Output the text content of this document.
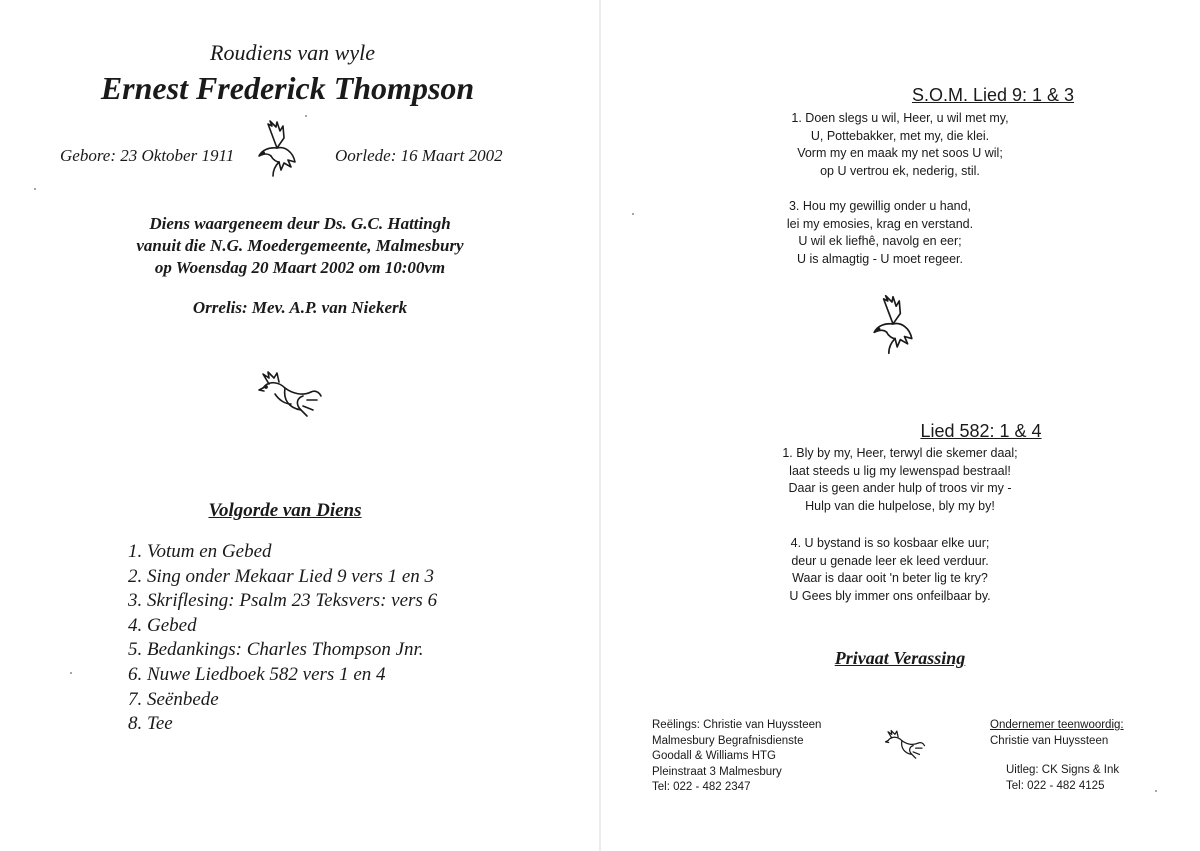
Roudiens van wyle
Ernest Frederick Thompson
Gebore: 23 Oktober 1911	Oorlede: 16 Maart 2002
Diens waargeneem deur Ds. G.C. Hattingh
vanuit die N.G. Moedergemeente, Malmesbury
op Woensdag 20 Maart 2002 om 10:00vm
Orrelis: Mev. A.P. van Niekerk
Volgorde van Diens
1. Votum en Gebed
2. Sing onder Mekaar Lied 9 vers 1 en 3
3. Skriflesing: Psalm 23 Teksvers: vers 6
4. Gebed
5. Bedankings: Charles Thompson Jnr.
6. Nuwe Liedboek 582 vers 1 en 4
7. Seënbede
8. Tee
S.O.M. Lied 9: 1 & 3
1. Doen slegs u wil, Heer, u wil met my,
U, Pottebakker, met my, die klei.
Vorm my en maak my net soos U wil;
op U vertrou ek, nederig, stil.
3. Hou my gewillig onder u hand,
lei my emosies, krag en verstand.
U wil ek liefhê, navolg en eer;
U is almagtig - U moet regeer.
Lied 582: 1 & 4
1. Bly by my, Heer, terwyl die skemer daal;
laat steeds u lig my lewenspad bestraal!
Daar is geen ander hulp of troos vir my -
Hulp van die hulpelose, bly my by!
4. U bystand is so kosbaar elke uur;
deur u genade leer ek leed verduur.
Waar is daar ooit 'n beter lig te kry?
U Gees bly immer ons onfeilbaar by.
Privaat Verassing
Reëlings: Christie van Huyssteen
Malmesbury Begrafnisdienste
Goodall & Williams HTG
Pleinstraat 3 Malmesbury
Tel: 022 - 482 2347
Ondernemer teenwoordig:
Christie van Huyssteen
Uitleg: CK Signs & Ink
Tel: 022 - 482 4125
